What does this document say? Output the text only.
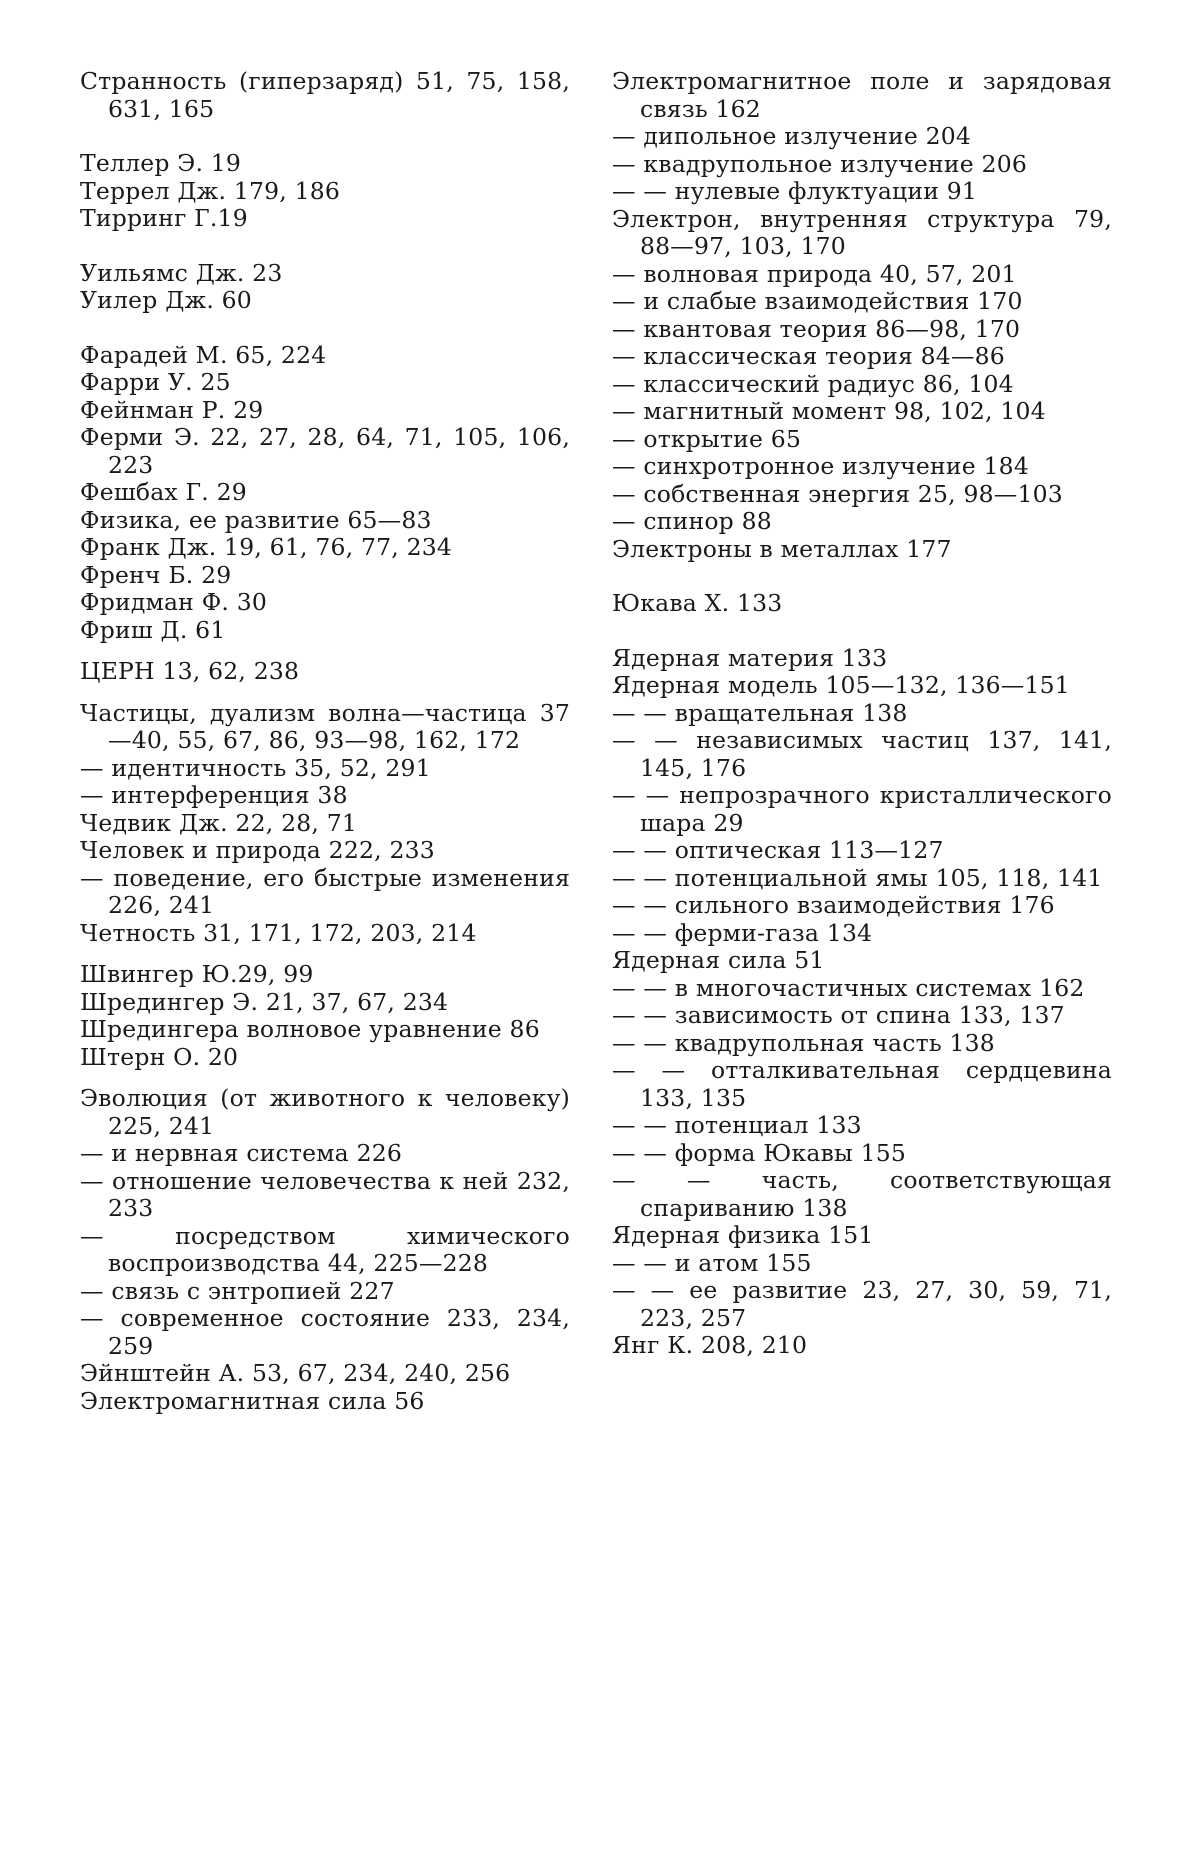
Странность (гиперзаряд) 51, 75, 158, 631, 165
Теллер Э. 19
Террел Дж. 179, 186
Тирринг Г.19
Уильямс Дж. 23
Уилер Дж. 60
Фарадей М. 65, 224
Фарри У. 25
Фейнман Р. 29
Ферми Э. 22, 27, 28, 64, 71, 105, 106, 223
Фешбах Г. 29
Физика, ее развитие 65—83
Франк Дж. 19, 61, 76, 77, 234
Френч Б. 29
Фридман Ф. 30
Фриш Д. 61
ЦЕРН 13, 62, 238
Частицы, дуализм волна—частица 37—40, 55, 67, 86, 93—98, 162, 172
— идентичность 35, 52, 291
— интерференция 38
Чедвик Дж. 22, 28, 71
Человек и природа 222, 233
— поведение, его быстрые изменения 226, 241
Четность 31, 171, 172, 203, 214
Швингер Ю.29, 99
Шредингер Э. 21, 37, 67, 234
Шредингера волновое уравнение 86
Штерн О. 20
Эволюция (от животного к человеку) 225, 241
— и нервная система 226
— отношение человечества к ней 232, 233
— посредством химического воспроизводства 44, 225—228
— связь с энтропией 227
— современное состояние 233, 234, 259
Эйнштейн А. 53, 67, 234, 240, 256
Электромагнитная сила 56
Электромагнитное поле и зарядовая связь 162
— дипольное излучение 204
— квадрупольное излучение 206
— — нулевые флуктуации 91
Электрон, внутренняя структура 79, 88—97, 103, 170
— волновая природа 40, 57, 201
— и слабые взаимодействия 170
— квантовая теория 86—98, 170
— классическая теория 84—86
— классический радиус 86, 104
— магнитный момент 98, 102, 104
— открытие 65
— синхротронное излучение 184
— собственная энергия 25, 98—103
— спинор 88
Электроны в металлах 177
Юкава Х. 133
Ядерная материя 133
Ядерная модель 105—132, 136—151
— — вращательная 138
— — независимых частиц 137, 141, 145, 176
— — непрозрачного кристаллического шара 29
— — оптическая 113—127
— — потенциальной ямы 105, 118, 141
— — сильного взаимодействия 176
— — ферми-газа 134
Ядерная сила 51
— — в многочастичных системах 162
— — зависимость от спина 133, 137
— — квадрупольная часть 138
— — отталкивательная сердцевина 133, 135
— — потенциал 133
— — форма Юкавы 155
— — часть, соответствующая спариванию 138
Ядерная физика 151
— — и атом 155
— — ее развитие 23, 27, 30, 59, 71, 223, 257
Янг К. 208, 210
